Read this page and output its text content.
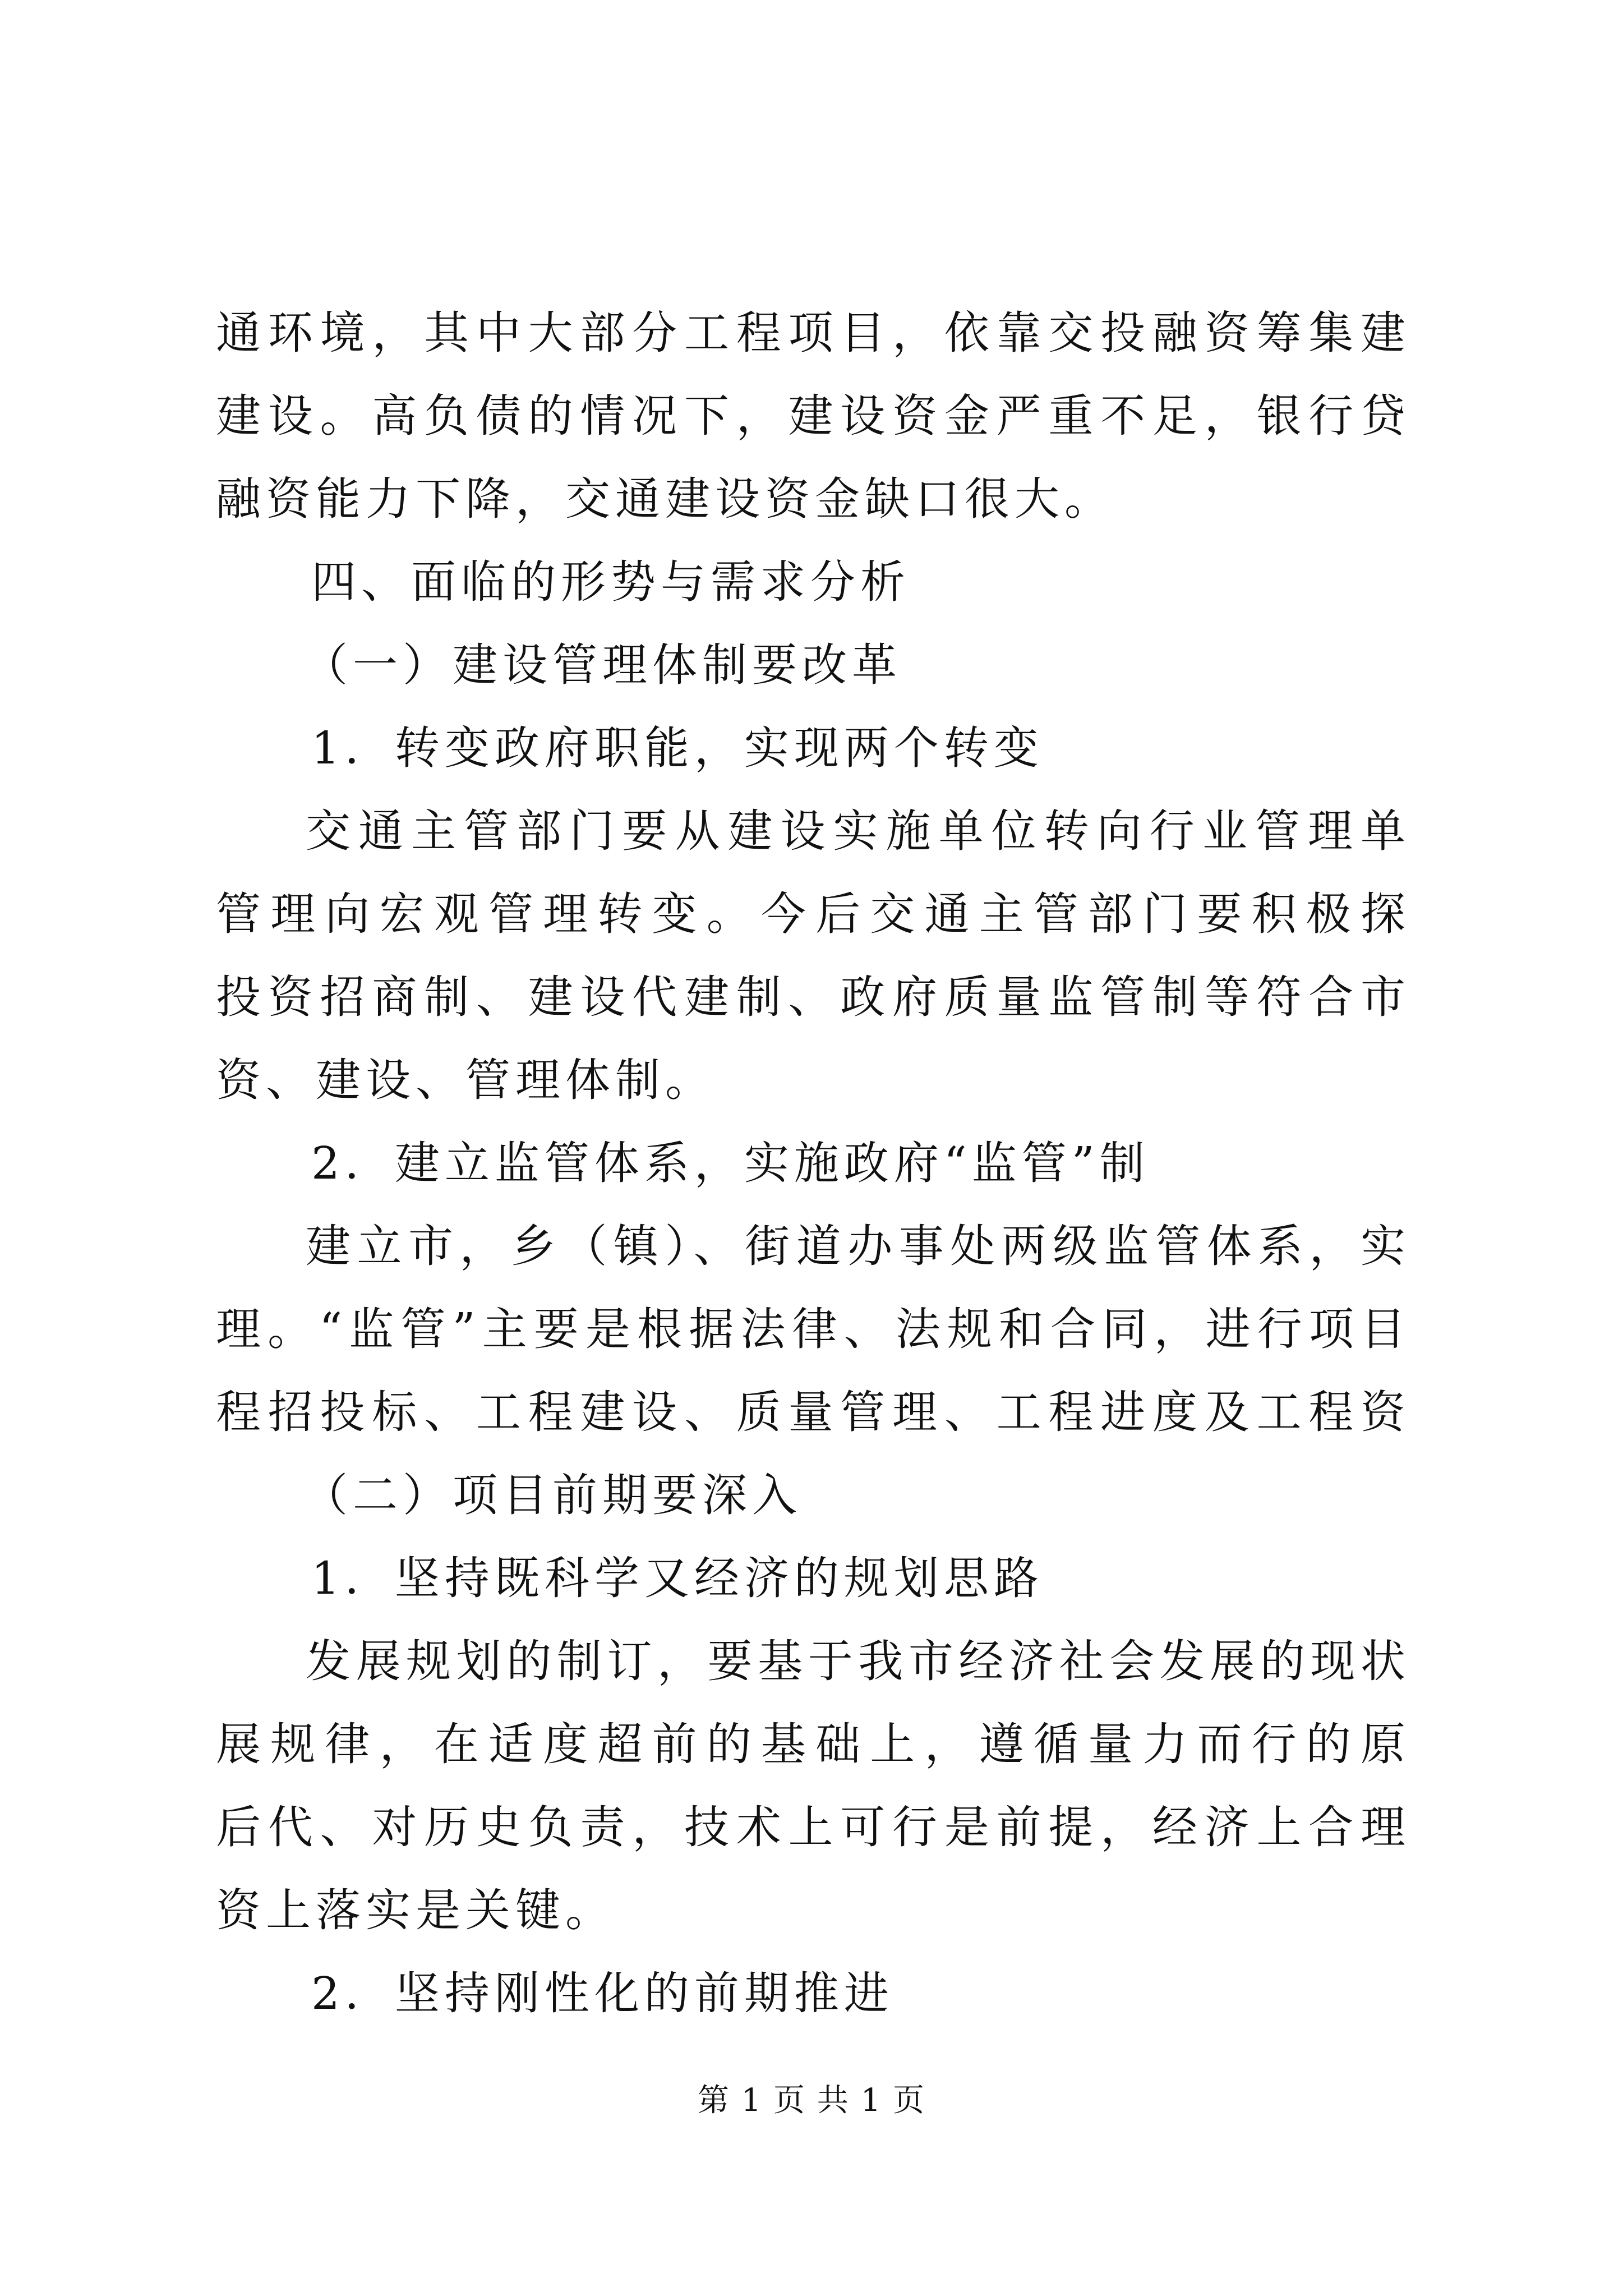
通环境，其中大部分工程项目，依靠交投融资筹集建
建设。高负债的情况下，建设资金严重不足，银行贷
融资能力下降，交通建设资金缺口很大。
四、面临的形势与需求分析
（一）建设管理体制要改革
1．转变政府职能，实现两个转变
交通主管部门要从建设实施单位转向行业管理单
管理向宏观管理转变。今后交通主管部门要积极探
投资招商制、建设代建制、政府质量监管制等符合市
资、建设、管理体制。
2．建立监管体系，实施政府“监管”制
建立市，乡（镇）、街道办事处两级监管体系，实
理。“监管”主要是根据法律、法规和合同，进行项目
程招投标、工程建设、质量管理、工程进度及工程资
（二）项目前期要深入
1．坚持既科学又经济的规划思路
发展规划的制订，要基于我市经济社会发展的现状
展规律，在适度超前的基础上，遵循量力而行的原
后代、对历史负责，技术上可行是前提，经济上合理
资上落实是关键。
2．坚持刚性化的前期推进
第 1 页 共 1 页
